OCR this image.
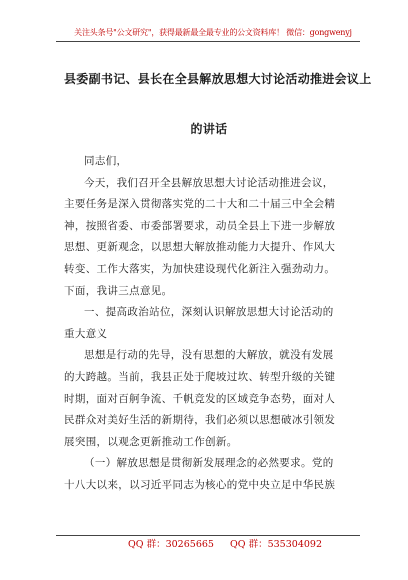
关注头条号"公文研究"，获得最新最全最专业的公文资料库！ 微信：gongwenyj
县委副书记、县长在全县解放思想大讨论活动推进会议上
的讲话
同志们，
今天，我们召开全县解放思想大讨论活动推进会议，
主要任务是深入贯彻落实党的二十大和二十届三中全会精
神，按照省委、市委部署要求，动员全县上下进一步解放
思想、更新观念，以思想大解放推动能力大提升、作风大
转变、工作大落实，为加快建设现代化新注入强劲动力。
下面，我讲三点意见。
一、提高政治站位，深刻认识解放思想大讨论活动的
重大意义
思想是行动的先导，没有思想的大解放，就没有发展
的大跨越。当前，我县正处于爬坡过坎、转型升级的关键
时期，面对百舸争流、千帆竞发的区域竞争态势，面对人
民群众对美好生活的新期待，我们必须以思想破冰引领发
展突围，以观念更新推动工作创新。
（一）解放思想是贯彻新发展理念的必然要求。党的
十八大以来，以习近平同志为核心的党中央立足中华民族
QQ 群：30265665 QQ 群：535304092
